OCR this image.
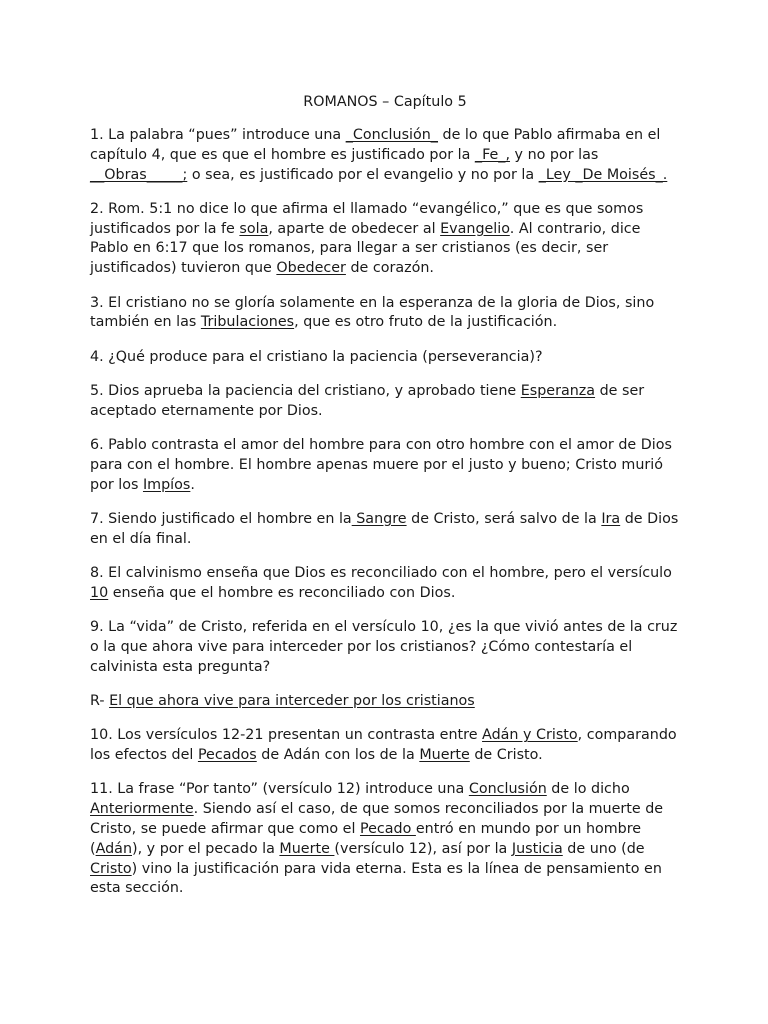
ROMANOS – Capítulo 5

1. La palabra “pues” introduce una _Conclusión_ de lo que Pablo afirmaba en el capítulo 4, que es que el hombre es justificado por la _Fe_, y no por las __Obras_____; o sea, es justificado por el evangelio y no por la _Ley _De Moisés_.

2. Rom. 5:1 no dice lo que afirma el llamado “evangélico,” que es que somos justificados por la fe sola, aparte de obedecer al Evangelio. Al contrario, dice Pablo en 6:17 que los romanos, para llegar a ser cristianos (es decir, ser justificados) tuvieron que Obedecer de corazón.

3. El cristiano no se gloría solamente en la esperanza de la gloria de Dios, sino también en las Tribulaciones, que es otro fruto de la justificación.

4. ¿Qué produce para el cristiano la paciencia (perseverancia)?

5. Dios aprueba la paciencia del cristiano, y aprobado tiene Esperanza de ser aceptado eternamente por Dios.

6. Pablo contrasta el amor del hombre para con otro hombre con el amor de Dios para con el hombre. El hombre apenas muere por el justo y bueno; Cristo murió por los Impíos.

7. Siendo justificado el hombre en la Sangre de Cristo, será salvo de la Ira de Dios en el día final.

8. El calvinismo enseña que Dios es reconciliado con el hombre, pero el versículo 10 enseña que el hombre es reconciliado con Dios.

9. La “vida” de Cristo, referida en el versículo 10, ¿es la que vivió antes de la cruz o la que ahora vive para interceder por los cristianos? ¿Cómo contestaría el calvinista esta pregunta?

R- El que ahora vive para interceder por los cristianos

10. Los versículos 12-21 presentan un contrasta entre Adán y Cristo, comparando los efectos del Pecados de Adán con los de la Muerte de Cristo.

11. La frase “Por tanto” (versículo 12) introduce una Conclusión de lo dicho Anteriormente. Siendo así el caso, de que somos reconciliados por la muerte de Cristo, se puede afirmar que como el Pecado entró en mundo por un hombre (Adán), y por el pecado la Muerte (versículo 12), así por la Justicia de uno (de Cristo) vino la justificación para vida eterna. Esta es la línea de pensamiento en esta sección.
